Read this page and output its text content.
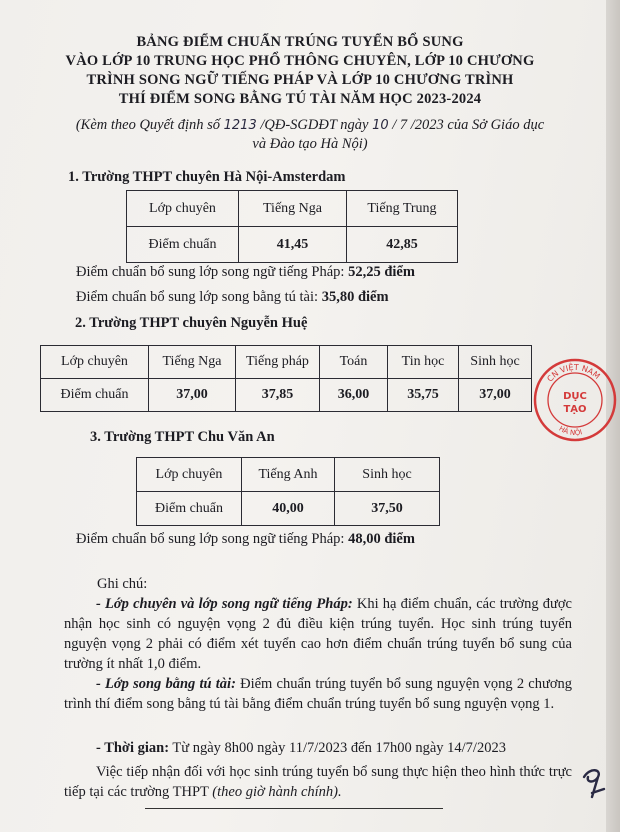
BẢNG ĐIỂM CHUẨN TRÚNG TUYỂN BỔ SUNG
VÀO LỚP 10 TRUNG HỌC PHỔ THÔNG CHUYÊN, LỚP 10 CHƯƠNG
TRÌNH SONG NGỮ TIẾNG PHÁP VÀ LỚP 10 CHƯƠNG TRÌNH
THÍ ĐIỂM SONG BẰNG TÚ TÀI NĂM HỌC 2023-2024
(Kèm theo Quyết định số 1213 /QĐ-SGDĐT ngày 10 / 7 /2023 của Sở Giáo dục
và Đào tạo Hà Nội)
1. Trường THPT chuyên Hà Nội-Amsterdam
Lớp chuyên	Tiếng Nga	Tiếng Trung
Điểm chuẩn	41,45	42,85
Điểm chuẩn bổ sung lớp song ngữ tiếng Pháp: 52,25 điểm
Điểm chuẩn bổ sung lớp song bằng tú tài: 35,80 điểm
2. Trường THPT chuyên Nguyễn Huệ
Lớp chuyên	Tiếng Nga	Tiếng pháp	Toán	Tin học	Sinh học
Điểm chuẩn	37,00	37,85	36,00	35,75	37,00
3. Trường THPT Chu Văn An
Lớp chuyên	Tiếng Anh	Sinh học
Điểm chuẩn	40,00	37,50
Điểm chuẩn bổ sung lớp song ngữ tiếng Pháp: 48,00 điểm
Ghi chú:
- Lớp chuyên và lớp song ngữ tiếng Pháp: Khi hạ điểm chuẩn, các trường được nhận học sinh có nguyện vọng 2 đủ điều kiện trúng tuyển. Học sinh trúng tuyển nguyện vọng 2 phải có điểm xét tuyển cao hơn điểm chuẩn trúng tuyển bổ sung của trường ít nhất 1,0 điểm.
- Lớp song bằng tú tài: Điểm chuẩn trúng tuyển bổ sung nguyện vọng 2 chương trình thí điểm song bằng tú tài bằng điểm chuẩn trúng tuyển bổ sung nguyện vọng 1.
- Thời gian: Từ ngày 8h00 ngày 11/7/2023 đến 17h00 ngày 14/7/2023
Việc tiếp nhận đối với học sinh trúng tuyển bổ sung thực hiện theo hình thức trực tiếp tại các trường THPT (theo giờ hành chính).
CN VIỆT NAM
DỤC
TẠO
HÀ NỘI
